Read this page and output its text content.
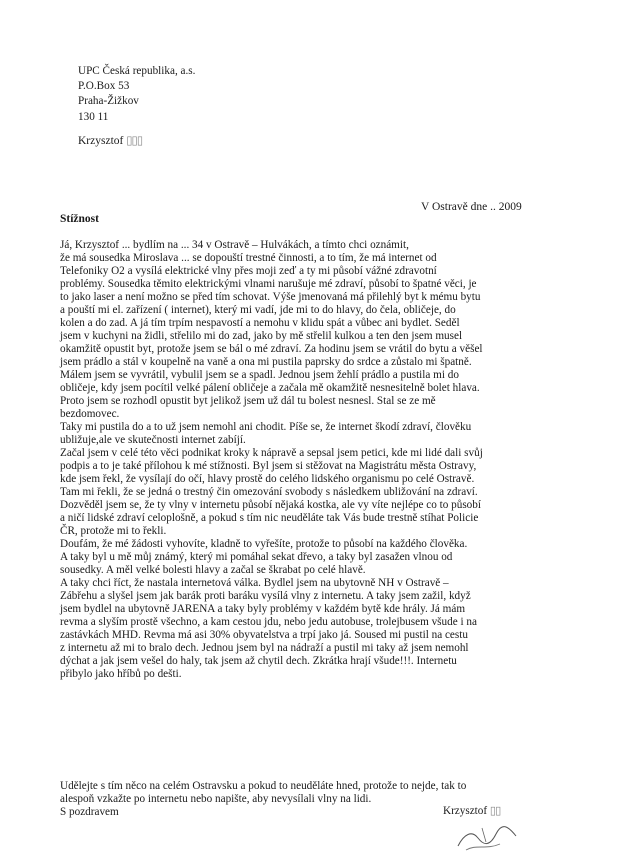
UPC Česká republika, a.s.
P.O.Box 53
Praha-Žižkov
130 11
Krzysztof ▯▯▯
V Ostravě dne .. 2009
Stížnost
Já, Krzysztof ... bydlím na ... 34 v Ostravě – Hulvákách, a tímto chci oznámit,
že má sousedka Miroslava ... se dopouští trestné činnosti, a to tím, že má internet od
Telefoniky O2 a vysílá elektrické vlny přes moji zeď a ty mi působí vážné zdravotní
problémy. Sousedka těmito elektrickými vlnami narušuje mé zdraví, působí to špatné věci, je
to jako laser a není možno se před tím schovat. Výše jmenovaná má přilehlý byt k mému bytu
a pouští mi el. zařízení ( internet), který mi vadí, jde mi to do hlavy, do čela, obličeje, do
kolen a do zad. A já tím trpím nespavostí a nemohu v klidu spát a vůbec ani bydlet. Seděl
jsem v kuchyni na židli, střelilo mi do zad, jako by mě střelil kulkou a ten den jsem musel
okamžitě opustit byt, protože jsem se bál o mé zdraví. Za hodinu jsem se vrátil do bytu a věšel
jsem prádlo a stál v koupelně na vaně a ona mi pustila paprsky do srdce a zůstalo mi špatně.
Málem jsem se vyvrátil, vybulil jsem se a spadl. Jednou jsem žehlí prádlo a pustila mi do
obličeje, kdy jsem pocítil velké pálení obličeje a začala mě okamžitě nesnesitelně bolet hlava.
Proto jsem se rozhodl opustit byt jelikož jsem už dál tu bolest nesnesl. Stal se ze mě
bezdomovec.
Taky mi pustila do a to už jsem nemohl ani chodit. Píše se, že internet škodí zdraví, člověku
ubližuje,ale ve skutečnosti internet zabíjí.
Začal jsem v celé této věci podnikat kroky k nápravě a sepsal jsem petici, kde mi lidé dali svůj
podpis a to je také přílohou k mé stížnosti. Byl jsem si stěžovat na Magistrátu města Ostravy,
kde jsem řekl, že vysílají do očí, hlavy prostě do celého lidského organismu po celé Ostravě.
Tam mi řekli, že se jedná o trestný čin omezování svobody s následkem ubližování na zdraví.
Dozvěděl jsem se, že ty vlny v internetu působí nějaká kostka, ale vy víte nejlépe co to působí
a ničí lidské zdraví celoplošně, a pokud s tím nic neuděláte tak Vás bude trestně stíhat Policie
ČR, protože mi to řekli.
Doufám, že mé žádosti vyhovíte, kladně to vyřešíte, protože to působí na každého člověka.
A taky byl u mě můj známý, který mi pomáhal sekat dřevo, a taky byl zasažen vlnou od
sousedky. A měl velké bolesti hlavy a začal se škrabat po celé hlavě.
A taky chci říct, že nastala internetová válka. Bydlel jsem na ubytovně NH v Ostravě –
Zábřehu a slyšel jsem jak barák proti baráku vysílá vlny z internetu. A taky jsem zažil, když
jsem bydlel na ubytovně JARENA a taky byly problémy v každém bytě kde hrály. Já mám
revma a slyším prostě všechno, a kam cestou jdu, nebo jedu autobuse, trolejbusem všude i na
zastávkách MHD. Revma má asi 30% obyvatelstva a trpí jako já. Soused mi pustil na cestu
z internetu až mi to bralo dech. Jednou jsem byl na nádraží a pustil mi taky až jsem nemohl
dýchat a jak jsem vešel do haly, tak jsem až chytil dech. Zkrátka hrají všude!!!. Internetu
přibylo jako hříbů po dešti.
Udělejte s tím něco na celém Ostravsku a pokud to neuděláte hned, protože to nejde, tak to
alespoň vzkažte po internetu nebo napište, aby nevysílali vlny na lidi.
S pozdravem	Krzysztof ▯▯
